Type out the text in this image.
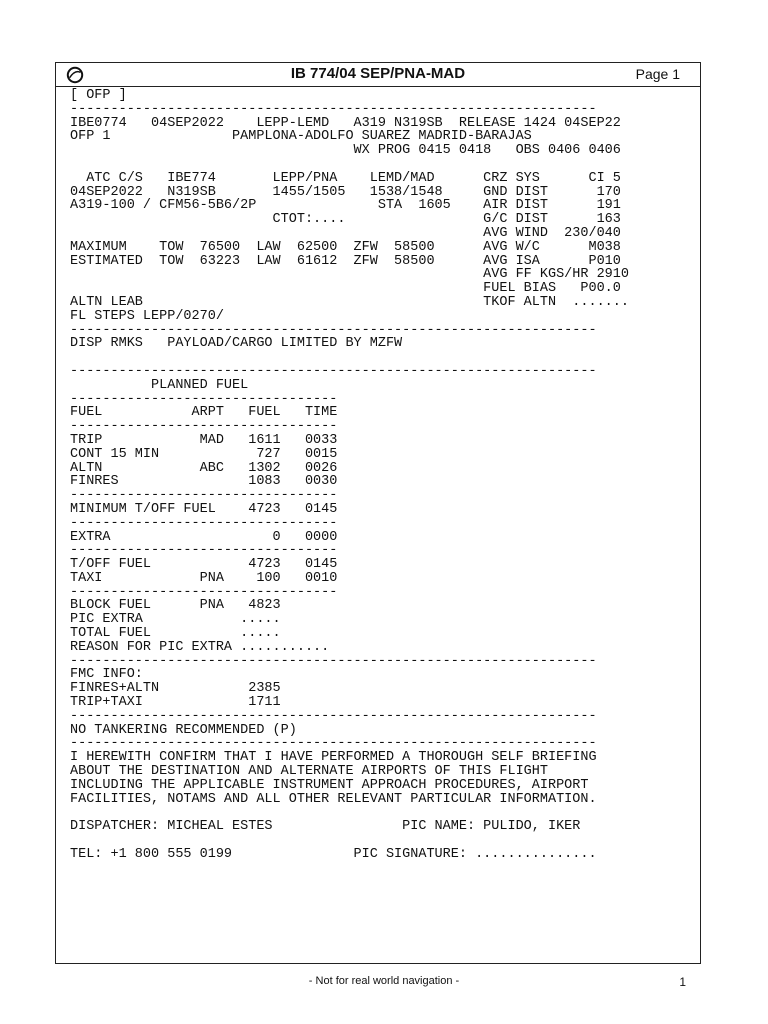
IB 774/04 SEP/PNA-MAD	Page 1
[ OFP ]
-----------------------------------------------------------------
IBE0774   04SEP2022    LEPP-LEMD   A319 N319SB  RELEASE 1424 04SEP22
OFP 1               PAMPLONA-ADOLFO SUAREZ MADRID-BARAJAS
WX PROG 0415 0418   OBS 0406 0406

ATC C/S   IBE774       LEPP/PNA    LEMD/MAD      CRZ SYS      CI 5
04SEP2022   N319SB       1455/1505   1538/1548     GND DIST      170
A319-100 / CFM56-5B6/2P               STA  1605    AIR DIST      191
CTOT:....                 G/C DIST      163
AVG WIND  230/040
MAXIMUM    TOW  76500  LAW  62500  ZFW  58500      AVG W/C      M038
ESTIMATED  TOW  63223  LAW  61612  ZFW  58500      AVG ISA      P010
AVG FF KGS/HR 2910
FUEL BIAS   P00.0
ALTN LEAB                                          TKOF ALTN  .......
FL STEPS LEPP/0270/
-----------------------------------------------------------------
DISP RMKS   PAYLOAD/CARGO LIMITED BY MZFW

-----------------------------------------------------------------
PLANNED FUEL
---------------------------------
FUEL           ARPT   FUEL   TIME
---------------------------------
TRIP            MAD   1611   0033
CONT 15 MIN            727   0015
ALTN            ABC   1302   0026
FINRES                1083   0030
---------------------------------
MINIMUM T/OFF FUEL    4723   0145
---------------------------------
EXTRA                    0   0000
---------------------------------
T/OFF FUEL            4723   0145
TAXI            PNA    100   0010
---------------------------------
BLOCK FUEL      PNA   4823
PIC EXTRA            .....
TOTAL FUEL           .....
REASON FOR PIC EXTRA ...........
-----------------------------------------------------------------
FMC INFO:
FINRES+ALTN           2385
TRIP+TAXI             1711
-----------------------------------------------------------------
NO TANKERING RECOMMENDED (P)
-----------------------------------------------------------------
I HEREWITH CONFIRM THAT I HAVE PERFORMED A THOROUGH SELF BRIEFING
ABOUT THE DESTINATION AND ALTERNATE AIRPORTS OF THIS FLIGHT
INCLUDING THE APPLICABLE INSTRUMENT APPROACH PROCEDURES, AIRPORT
FACILITIES, NOTAMS AND ALL OTHER RELEVANT PARTICULAR INFORMATION.

DISPATCHER: MICHEAL ESTES                PIC NAME: PULIDO, IKER

TEL: +1 800 555 0199               PIC SIGNATURE: ...............

- Not for real world navigation -	1
